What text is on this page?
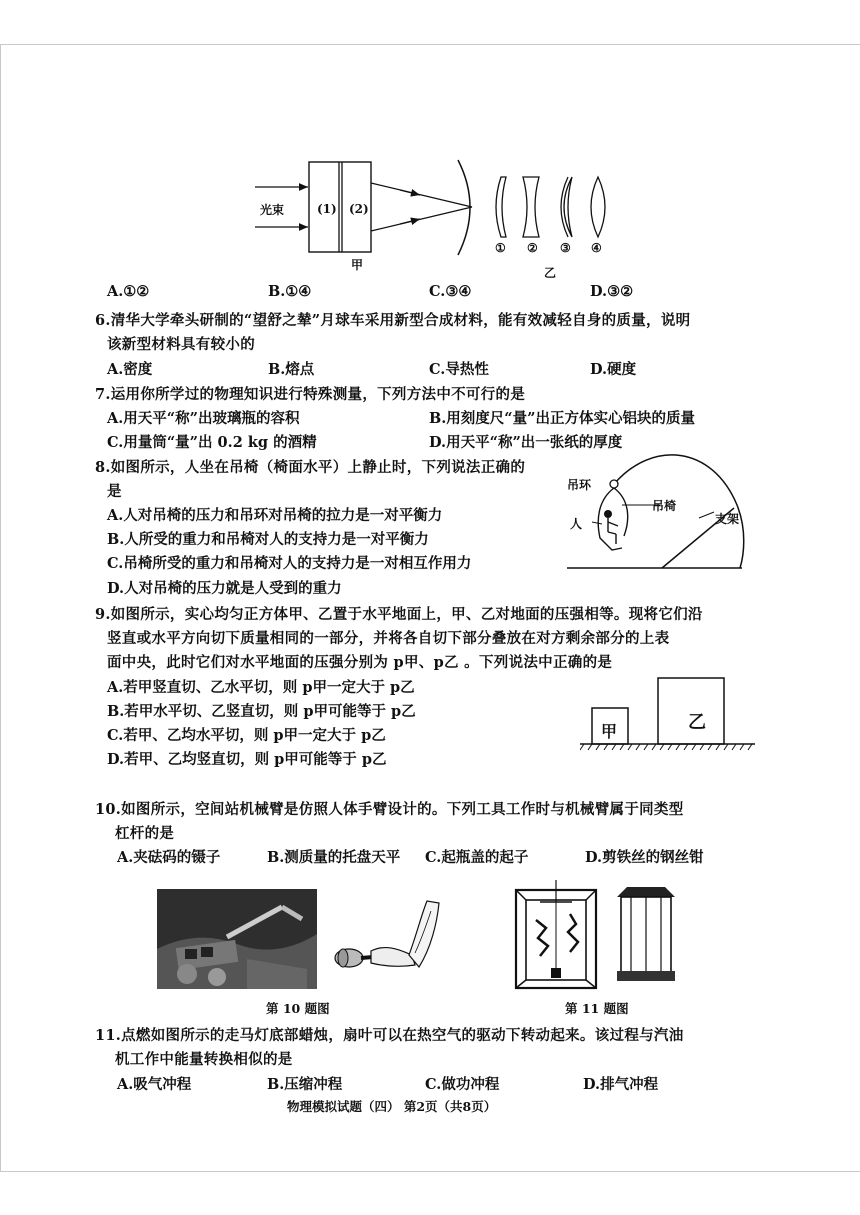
光束	(1) (2)
甲
乙
① ② ③ ④
A.①②	B.①④	C.③④	D.③②
6.清华大学牵头研制的“望舒之辇”月球车采用新型合成材料，能有效减轻自身的质量，说明
该新型材料具有较小的
A.密度	B.熔点	C.导热性	D.硬度
7.运用你所学过的物理知识进行特殊测量，下列方法中不可行的是
A.用天平“称”出玻璃瓶的容积	B.用刻度尺“量”出正方体实心铝块的质量
C.用量筒“量”出 0.2 kg 的酒精	D.用天平“称”出一张纸的厚度
8.如图所示，人坐在吊椅（椅面水平）上静止时，下列说法正确的
是
A.人对吊椅的压力和吊环对吊椅的拉力是一对平衡力
B.人所受的重力和吊椅对人的支持力是一对平衡力
C.吊椅所受的重力和吊椅对人的支持力是一对相互作用力
D.人对吊椅的压力就是人受到的重力
吊环
吊椅
人	支架
9.如图所示，实心均匀正方体甲、乙置于水平地面上，甲、乙对地面的压强相等。现将它们沿
竖直或水平方向切下质量相同的一部分，并将各自切下部分叠放在对方剩余部分的上表
面中央，此时它们对水平地面的压强分别为 p甲、p乙 。下列说法中正确的是
A.若甲竖直切、乙水平切，则 p甲一定大于 p乙
B.若甲水平切、乙竖直切，则 p甲可能等于 p乙
C.若甲、乙均水平切，则 p甲一定大于 p乙
D.若甲、乙均竖直切，则 p甲可能等于 p乙
甲	乙
10.如图所示，空间站机械臂是仿照人体手臂设计的。下列工具工作时与机械臂属于同类型
杠杆的是
A.夹砝码的镊子	B.测质量的托盘天平 C.起瓶盖的起子	D.剪铁丝的钢丝钳
第 10 题图	第 11 题图
11.点燃如图所示的走马灯底部蜡烛，扇叶可以在热空气的驱动下转动起来。该过程与汽油
机工作中能量转换相似的是
A.吸气冲程	B.压缩冲程	C.做功冲程	D.排气冲程
物理模拟试题（四） 第2页（共8页）
